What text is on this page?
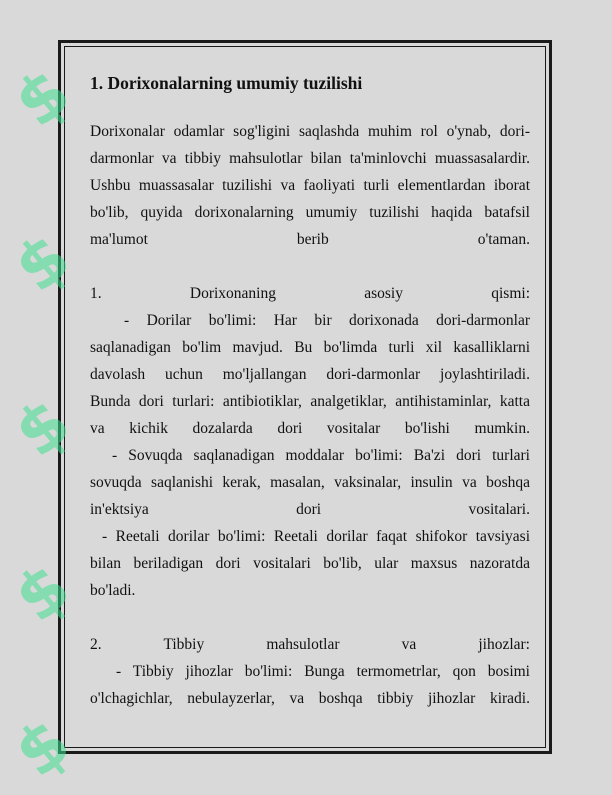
$
$
$
$
$
1. Dorixonalarning umumiy tuzilishi
Dorixonalar odamlar sog'ligini saqlashda muhim rol o'ynab, dori-
darmonlar va tibbiy mahsulotlar bilan ta'minlovchi muassasalardir.
Ushbu muassasalar tuzilishi va faoliyati turli elementlardan iborat
bo'lib, quyida dorixonalarning umumiy tuzilishi haqida batafsil
ma'lumot berib o'taman.
1. Dorixonaning asosiy qismi:
- Dorilar bo'limi: Har bir dorixonada dori-darmonlar
saqlanadigan bo'lim mavjud. Bu bo'limda turli xil kasalliklarni
davolash uchun mo'ljallangan dori-darmonlar joylashtiriladi.
Bunda dori turlari: antibiotiklar, analgetiklar, antihistaminlar, katta
va kichik dozalarda dori vositalar bo'lishi mumkin.
- Sovuqda saqlanadigan moddalar bo'limi: Ba'zi dori turlari
sovuqda saqlanishi kerak, masalan, vaksinalar, insulin va boshqa
in'ektsiya dori vositalari.
- Reetali dorilar bo'limi: Reetali dorilar faqat shifokor tavsiyasi
bilan beriladigan dori vositalari bo'lib, ular maxsus nazoratda
bo'ladi.
2. Tibbiy mahsulotlar va jihozlar:
- Tibbiy jihozlar bo'limi: Bunga termometrlar, qon bosimi
o'lchagichlar, nebulayzerlar, va boshqa tibbiy jihozlar kiradi.
